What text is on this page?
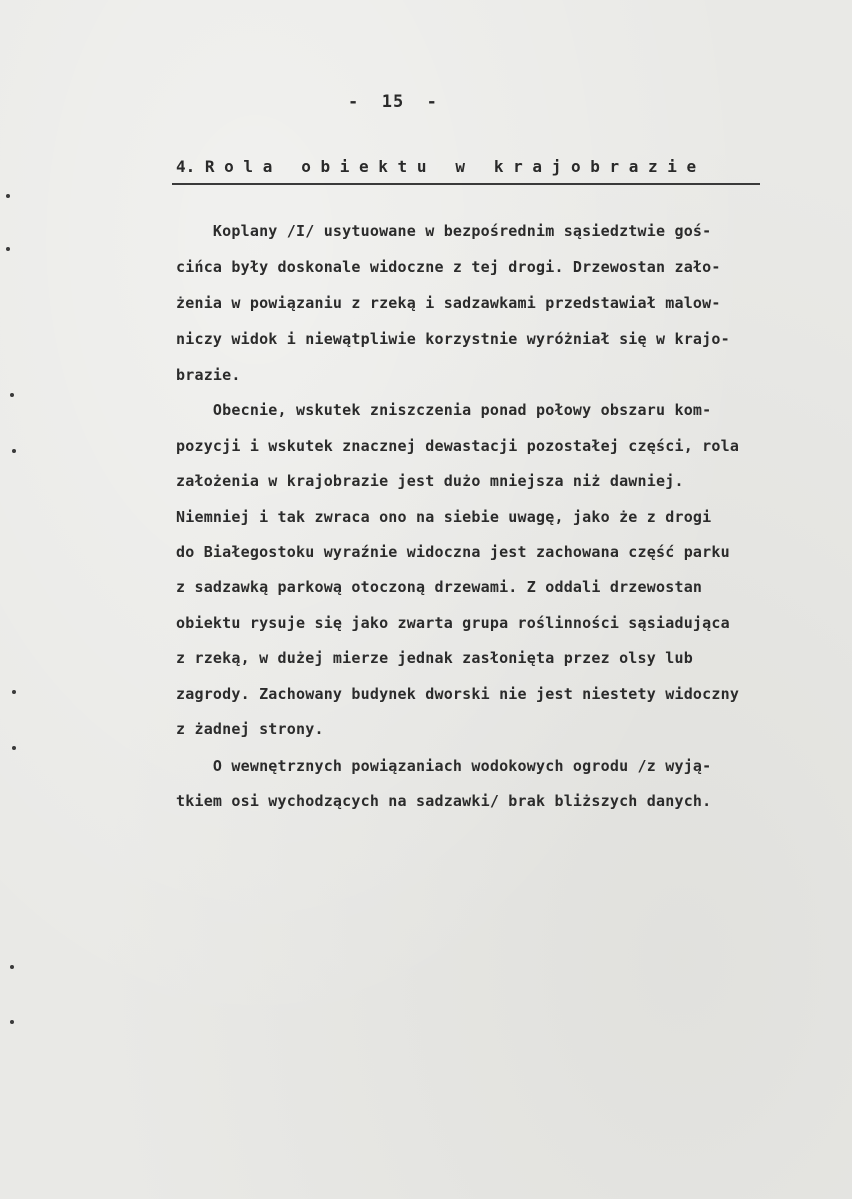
-  15  -
4. R o l a   o b i e k t u   w   k r a j o b r a z i e
Koplany /I/ usytuowane w bezpośrednim sąsiedztwie goś-
cińca były doskonale widoczne z tej drogi. Drzewostan zało-
żenia w powiązaniu z rzeką i sadzawkami przedstawiał malow-
niczy widok i niewątpliwie korzystnie wyróżniał się w krajo-
brazie.
Obecnie, wskutek zniszczenia ponad połowy obszaru kom-
pozycji i wskutek znacznej dewastacji pozostałej części, rola
założenia w krajobrazie jest dużo mniejsza niż dawniej.
Niemniej i tak zwraca ono na siebie uwagę, jako że z drogi
do Białegostoku wyraźnie widoczna jest zachowana część parku
z sadzawką parkową otoczoną drzewami. Z oddali drzewostan
obiektu rysuje się jako zwarta grupa roślinności sąsiadująca
z rzeką, w dużej mierze jednak zasłonięta przez olsy lub
zagrody. Zachowany budynek dworski nie jest niestety widoczny
z żadnej strony.
O wewnętrznych powiązaniach wodokowych ogrodu /z wyją-
tkiem osi wychodzących na sadzawki/ brak bliższych danych.
